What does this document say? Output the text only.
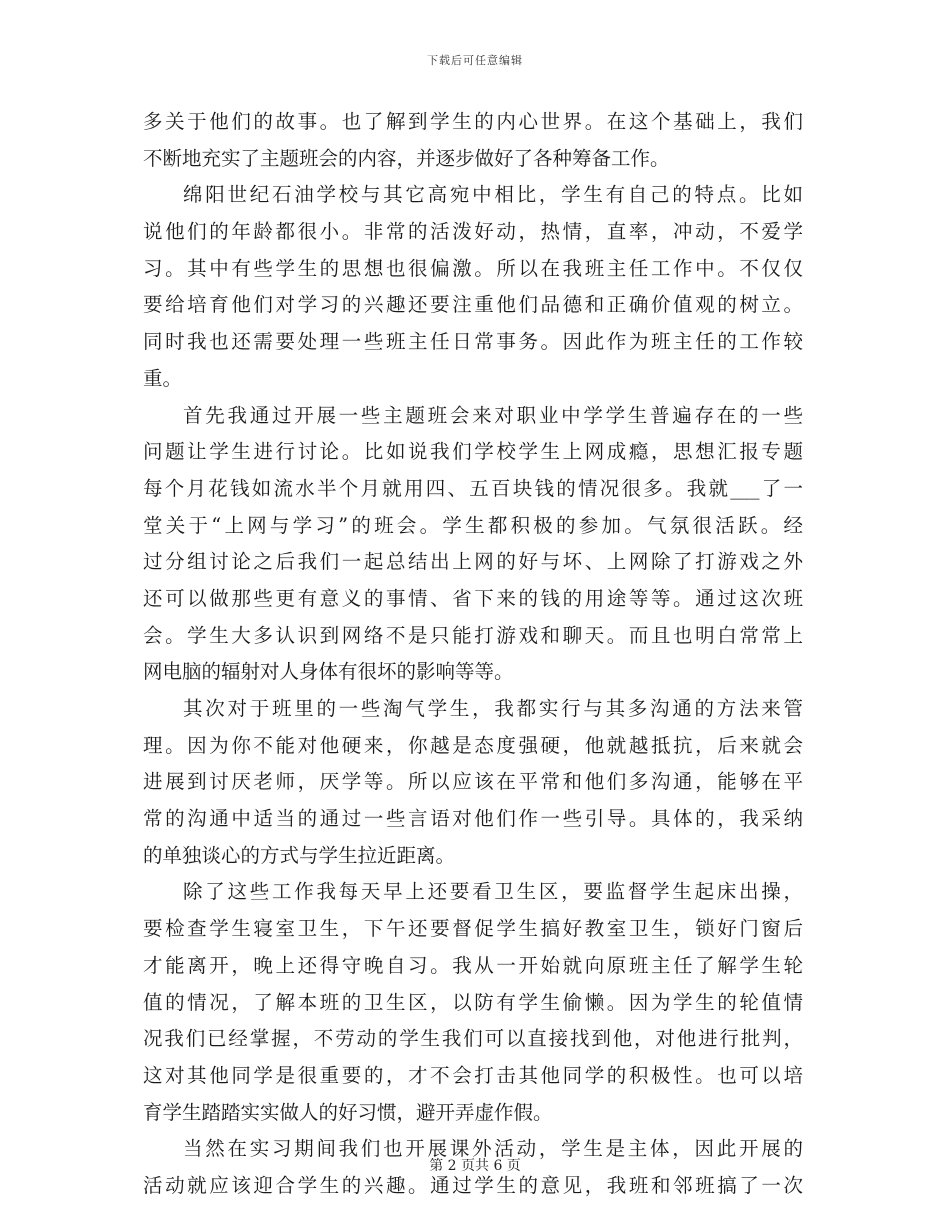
下载后可任意编辑
多关于他们的故事。也了解到学生的内心世界。在这个基础上，我们
不断地充实了主题班会的内容，并逐步做好了各种筹备工作。
绵阳世纪石油学校与其它高宛中相比，学生有自己的特点。比如
说他们的年龄都很小。非常的活泼好动，热情，直率，冲动，不爱学
习。其中有些学生的思想也很偏激。所以在我班主任工作中。不仅仅
要给培育他们对学习的兴趣还要注重他们品德和正确价值观的树立。
同时我也还需要处理一些班主任日常事务。因此作为班主任的工作较
重。
首先我通过开展一些主题班会来对职业中学学生普遍存在的一些
问题让学生进行讨论。比如说我们学校学生上网成瘾，思想汇报专题
每个月花钱如流水半个月就用四、五百块钱的情况很多。我就___了一
堂关于“上网与学习”的班会。学生都积极的参加。气氛很活跃。经
过分组讨论之后我们一起总结出上网的好与坏、上网除了打游戏之外
还可以做那些更有意义的事情、省下来的钱的用途等等。通过这次班
会。学生大多认识到网络不是只能打游戏和聊天。而且也明白常常上
网电脑的辐射对人身体有很坏的影响等等。
其次对于班里的一些淘气学生，我都实行与其多沟通的方法来管
理。因为你不能对他硬来，你越是态度强硬，他就越抵抗，后来就会
进展到讨厌老师，厌学等。所以应该在平常和他们多沟通，能够在平
常的沟通中适当的通过一些言语对他们作一些引导。具体的，我采纳
的单独谈心的方式与学生拉近距离。
除了这些工作我每天早上还要看卫生区，要监督学生起床出操，
要检查学生寝室卫生，下午还要督促学生搞好教室卫生，锁好门窗后
才能离开，晚上还得守晚自习。我从一开始就向原班主任了解学生轮
值的情况，了解本班的卫生区，以防有学生偷懒。因为学生的轮值情
况我们已经掌握，不劳动的学生我们可以直接找到他，对他进行批判，
这对其他同学是很重要的，才不会打击其他同学的积极性。也可以培
育学生踏踏实实做人的好习惯，避开弄虚作假。
当然在实习期间我们也开展课外活动，学生是主体，因此开展的
活动就应该迎合学生的兴趣。通过学生的意见，我班和邻班搞了一次
第 2 页共 6 页
